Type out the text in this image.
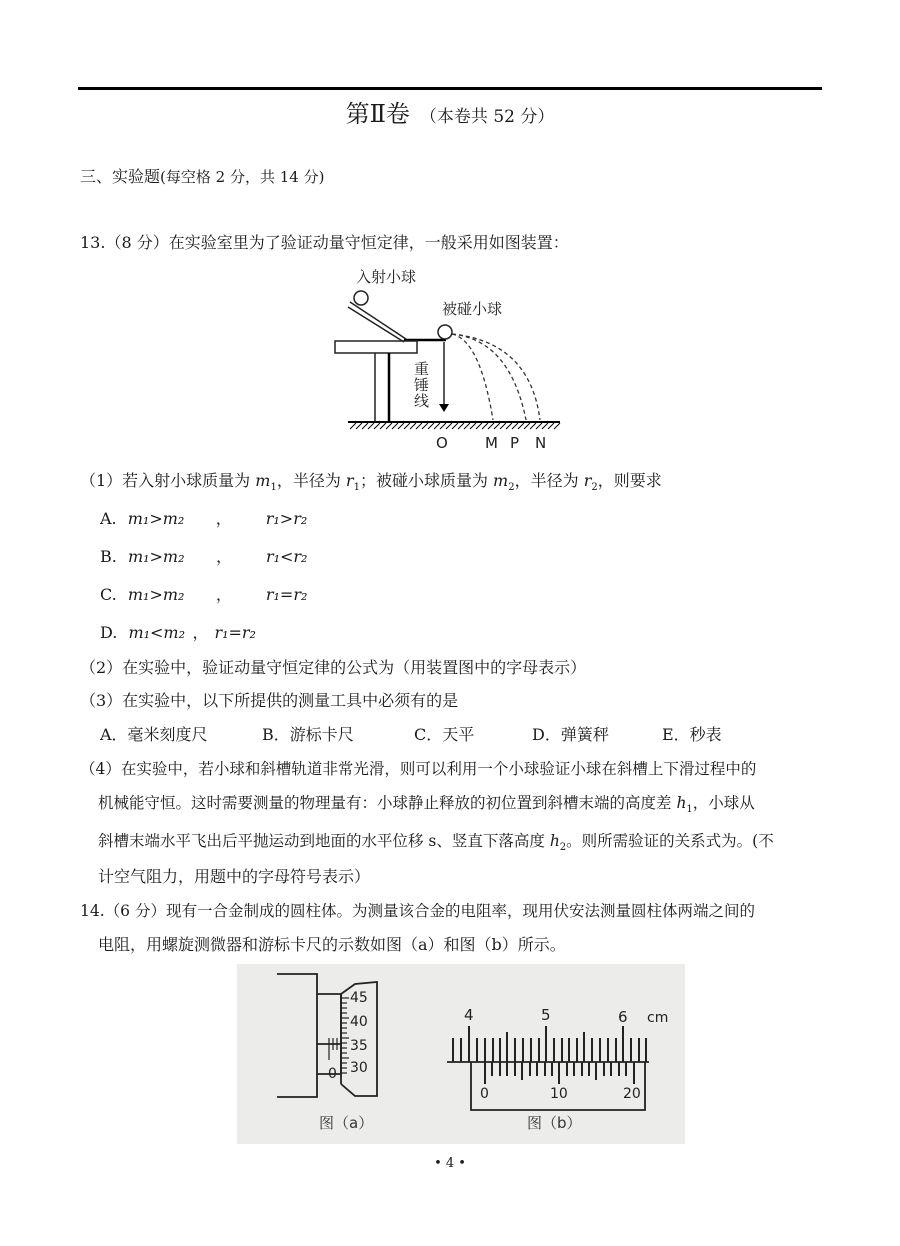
第Ⅱ卷 （本卷共 52 分）
三、实验题(每空格 2 分，共 14 分)
13.（8 分）在实验室里为了验证动量守恒定律，一般采用如图装置：
入射小球
被碰小球
重
锤
线
O M P N
（1）若入射小球质量为 $m_1$，半径为 $r_1$；被碰小球质量为 $m_2$，半径为 $r_2$，则要求
A. m₁>m₂ ， r₁>r₂
B. m₁>m₂ ， r₁<r₂
C. m₁>m₂ ， r₁=r₂
D. m₁<m₂ ， r₁=r₂
（2）在实验中，验证动量守恒定律的公式为（用装置图中的字母表示）
（3）在实验中，以下所提供的测量工具中必须有的是
A．毫米刻度尺	B．游标卡尺	C．天平	D．弹簧秤	E．秒表
（4）在实验中，若小球和斜槽轨道非常光滑，则可以利用一个小球验证小球在斜槽上下滑过程中的
机械能守恒。这时需要测量的物理量有：小球静止释放的初位置到斜槽末端的高度差 $h_1$，小球从
斜槽末端水平飞出后平抛运动到地面的水平位移 s、竖直下落高度 $h_2$。则所需验证的关系式为。(不
计空气阻力，用题中的字母符号表示）
14.（6 分）现有一合金制成的圆柱体。为测量该合金的电阻率，现用伏安法测量圆柱体两端之间的
电阻，用螺旋测微器和游标卡尺的示数如图（a）和图（b）所示。
45
40
35
30
0
图（a）
4	5	6 cm
0	10	20
图（b）
• 4 •
